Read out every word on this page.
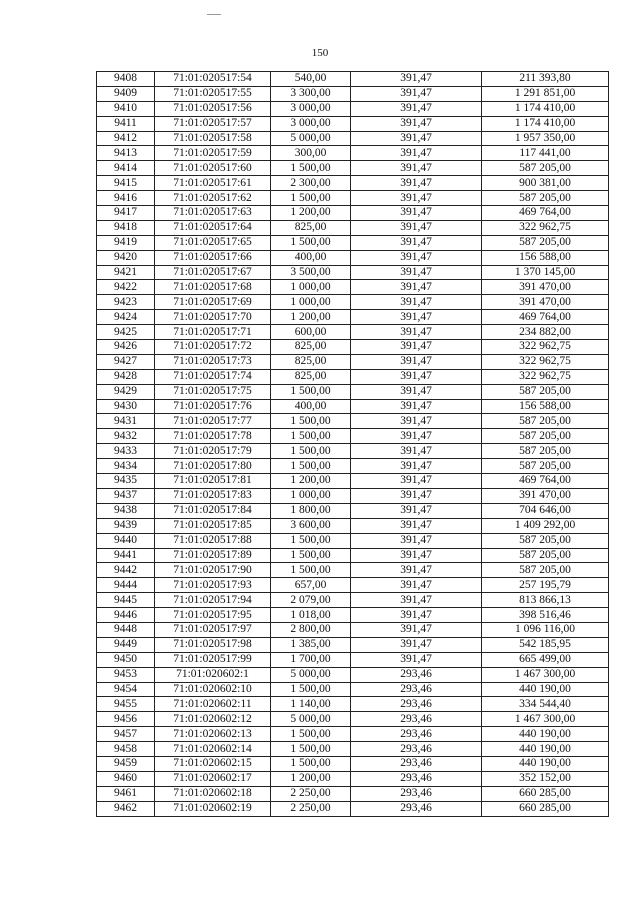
150
9408	71:01:020517:54	540,00	391,47	211 393,80
9409	71:01:020517:55	3 300,00	391,47	1 291 851,00
9410	71:01:020517:56	3 000,00	391,47	1 174 410,00
9411	71:01:020517:57	3 000,00	391,47	1 174 410,00
9412	71:01:020517:58	5 000,00	391,47	1 957 350,00
9413	71:01:020517:59	300,00	391,47	117 441,00
9414	71:01:020517:60	1 500,00	391,47	587 205,00
9415	71:01:020517:61	2 300,00	391,47	900 381,00
9416	71:01:020517:62	1 500,00	391,47	587 205,00
9417	71:01:020517:63	1 200,00	391,47	469 764,00
9418	71:01:020517:64	825,00	391,47	322 962,75
9419	71:01:020517:65	1 500,00	391,47	587 205,00
9420	71:01:020517:66	400,00	391,47	156 588,00
9421	71:01:020517:67	3 500,00	391,47	1 370 145,00
9422	71:01:020517:68	1 000,00	391,47	391 470,00
9423	71:01:020517:69	1 000,00	391,47	391 470,00
9424	71:01:020517:70	1 200,00	391,47	469 764,00
9425	71:01:020517:71	600,00	391,47	234 882,00
9426	71:01:020517:72	825,00	391,47	322 962,75
9427	71:01:020517:73	825,00	391,47	322 962,75
9428	71:01:020517:74	825,00	391,47	322 962,75
9429	71:01:020517:75	1 500,00	391,47	587 205,00
9430	71:01:020517:76	400,00	391,47	156 588,00
9431	71:01:020517:77	1 500,00	391,47	587 205,00
9432	71:01:020517:78	1 500,00	391,47	587 205,00
9433	71:01:020517:79	1 500,00	391,47	587 205,00
9434	71:01:020517:80	1 500,00	391,47	587 205,00
9435	71:01:020517:81	1 200,00	391,47	469 764,00
9437	71:01:020517:83	1 000,00	391,47	391 470,00
9438	71:01:020517:84	1 800,00	391,47	704 646,00
9439	71:01:020517:85	3 600,00	391,47	1 409 292,00
9440	71:01:020517:88	1 500,00	391,47	587 205,00
9441	71:01:020517:89	1 500,00	391,47	587 205,00
9442	71:01:020517:90	1 500,00	391,47	587 205,00
9444	71:01:020517:93	657,00	391,47	257 195,79
9445	71:01:020517:94	2 079,00	391,47	813 866,13
9446	71:01:020517:95	1 018,00	391,47	398 516,46
9448	71:01:020517:97	2 800,00	391,47	1 096 116,00
9449	71:01:020517:98	1 385,00	391,47	542 185,95
9450	71:01:020517:99	1 700,00	391,47	665 499,00
9453	71:01:020602:1	5 000,00	293,46	1 467 300,00
9454	71:01:020602:10	1 500,00	293,46	440 190,00
9455	71:01:020602:11	1 140,00	293,46	334 544,40
9456	71:01:020602:12	5 000,00	293,46	1 467 300,00
9457	71:01:020602:13	1 500,00	293,46	440 190,00
9458	71:01:020602:14	1 500,00	293,46	440 190,00
9459	71:01:020602:15	1 500,00	293,46	440 190,00
9460	71:01:020602:17	1 200,00	293,46	352 152,00
9461	71:01:020602:18	2 250,00	293,46	660 285,00
9462	71:01:020602:19	2 250,00	293,46	660 285,00
